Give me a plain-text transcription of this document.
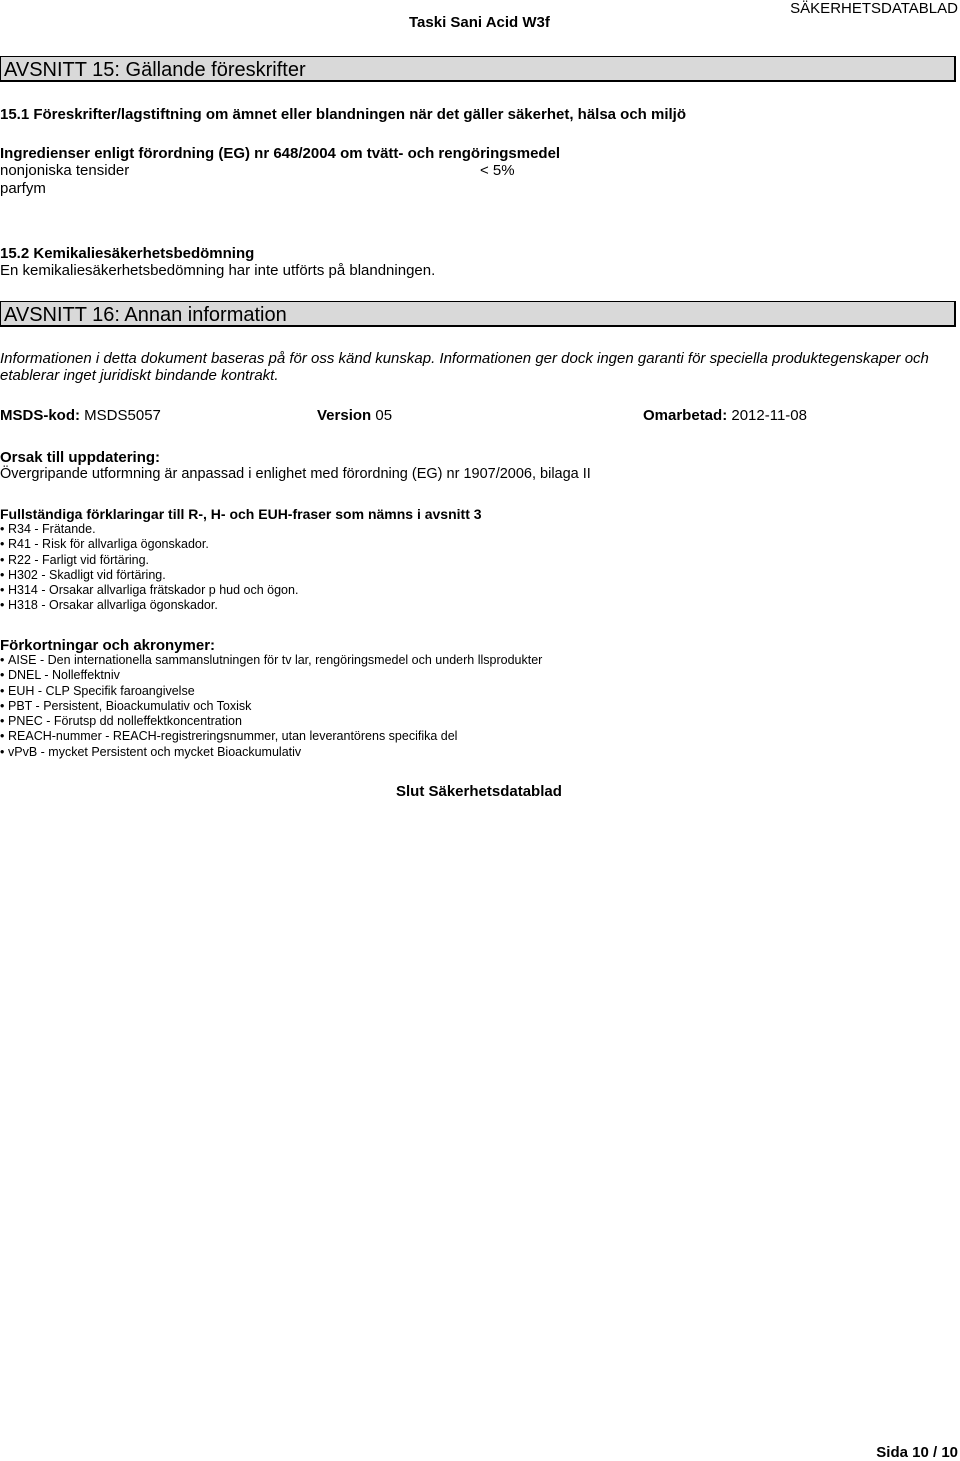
Taski Sani Acid W3f
SÄKERHETSDATABLAD
AVSNITT 15: Gällande föreskrifter
15.1 Föreskrifter/lagstiftning om ämnet eller blandningen när det gäller säkerhet, hälsa och miljö
Ingredienser enligt förordning (EG) nr 648/2004 om tvätt- och rengöringsmedel
nonjoniska tensider	< 5%
parfym
15.2 Kemikaliesäkerhetsbedömning
En kemikaliesäkerhetsbedömning har inte utförts på blandningen.
AVSNITT 16: Annan information
Informationen i detta dokument baseras på för oss känd kunskap. Informationen ger dock ingen garanti för speciella produktegenskaper och etablerar inget juridiskt bindande kontrakt.
MSDS-kod: MSDS5057	Version 05	Omarbetad: 2012-11-08
Orsak till uppdatering:
Övergripande utformning är anpassad i enlighet med förordning (EG) nr 1907/2006, bilaga II
Fullständiga förklaringar till R-, H- och EUH-fraser som nämns i avsnitt 3
• R34 - Frätande.
• R41 - Risk för allvarliga ögonskador.
• R22 - Farligt vid förtäring.
• H302 - Skadligt vid förtäring.
• H314 - Orsakar allvarliga frätskador p hud och ögon.
• H318 - Orsakar allvarliga ögonskador.
Förkortningar och akronymer:
• AISE - Den internationella sammanslutningen för tv lar, rengöringsmedel och underh llsprodukter
• DNEL - Nolleffektniv
• EUH - CLP Specifik faroangivelse
• PBT - Persistent, Bioackumulativ och Toxisk
• PNEC - Förutsp dd nolleffektkoncentration
• REACH-nummer - REACH-registreringsnummer, utan leverantörens specifika del
• vPvB - mycket Persistent och mycket Bioackumulativ
Slut Säkerhetsdatablad
Sida 10 / 10
